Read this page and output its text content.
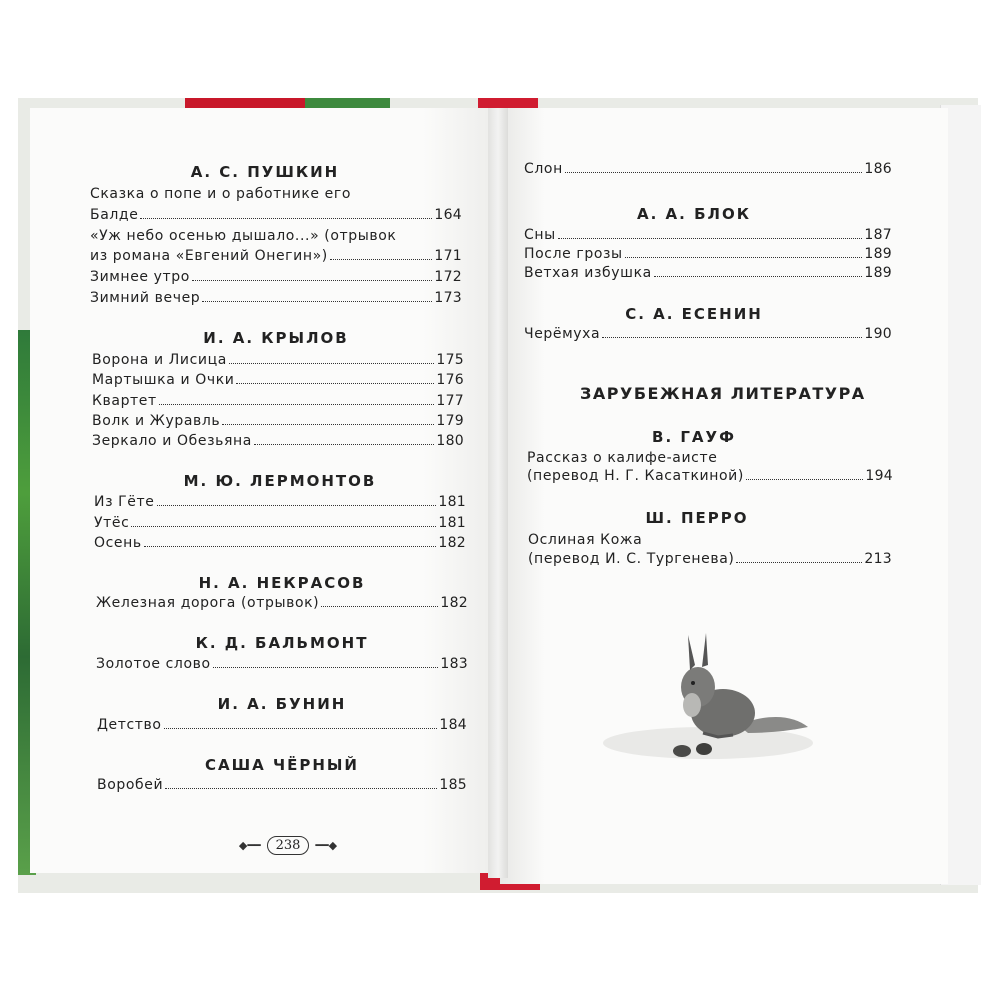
А. С. ПУШКИН
Сказка о попе и о работнике его
Балде	164
«Уж небо осенью дышало...» (отрывок
из романа «Евгений Онегин»)	171
Зимнее утро	172
Зимний вечер	173
И. А. КРЫЛОВ
Ворона и Лисица	175
Мартышка и Очки	176
Квартет	177
Волк и Журавль	179
Зеркало и Обезьяна	180
М. Ю. ЛЕРМОНТОВ
Из Гёте	181
Утёс	181
Осень	182
Н. А. НЕКРАСОВ
Железная дорога (отрывок)	182
К. Д. БАЛЬМОНТ
Золотое слово	183
И. А. БУНИН
Детство	184
САША ЧЁРНЫЙ
Воробей	185
◆━━	238	━━◆
Слон	186
А. А. БЛОК
Сны	187
После грозы	189
Ветхая избушка	189
С. А. ЕСЕНИН
Черёмуха	190
ЗАРУБЕЖНАЯ ЛИТЕРАТУРА
В. ГАУФ
Рассказ о калифе-аисте
(перевод Н. Г. Касаткиной)	194
Ш. ПЕРРО
Ослиная Кожа
(перевод И. С. Тургенева)	213
